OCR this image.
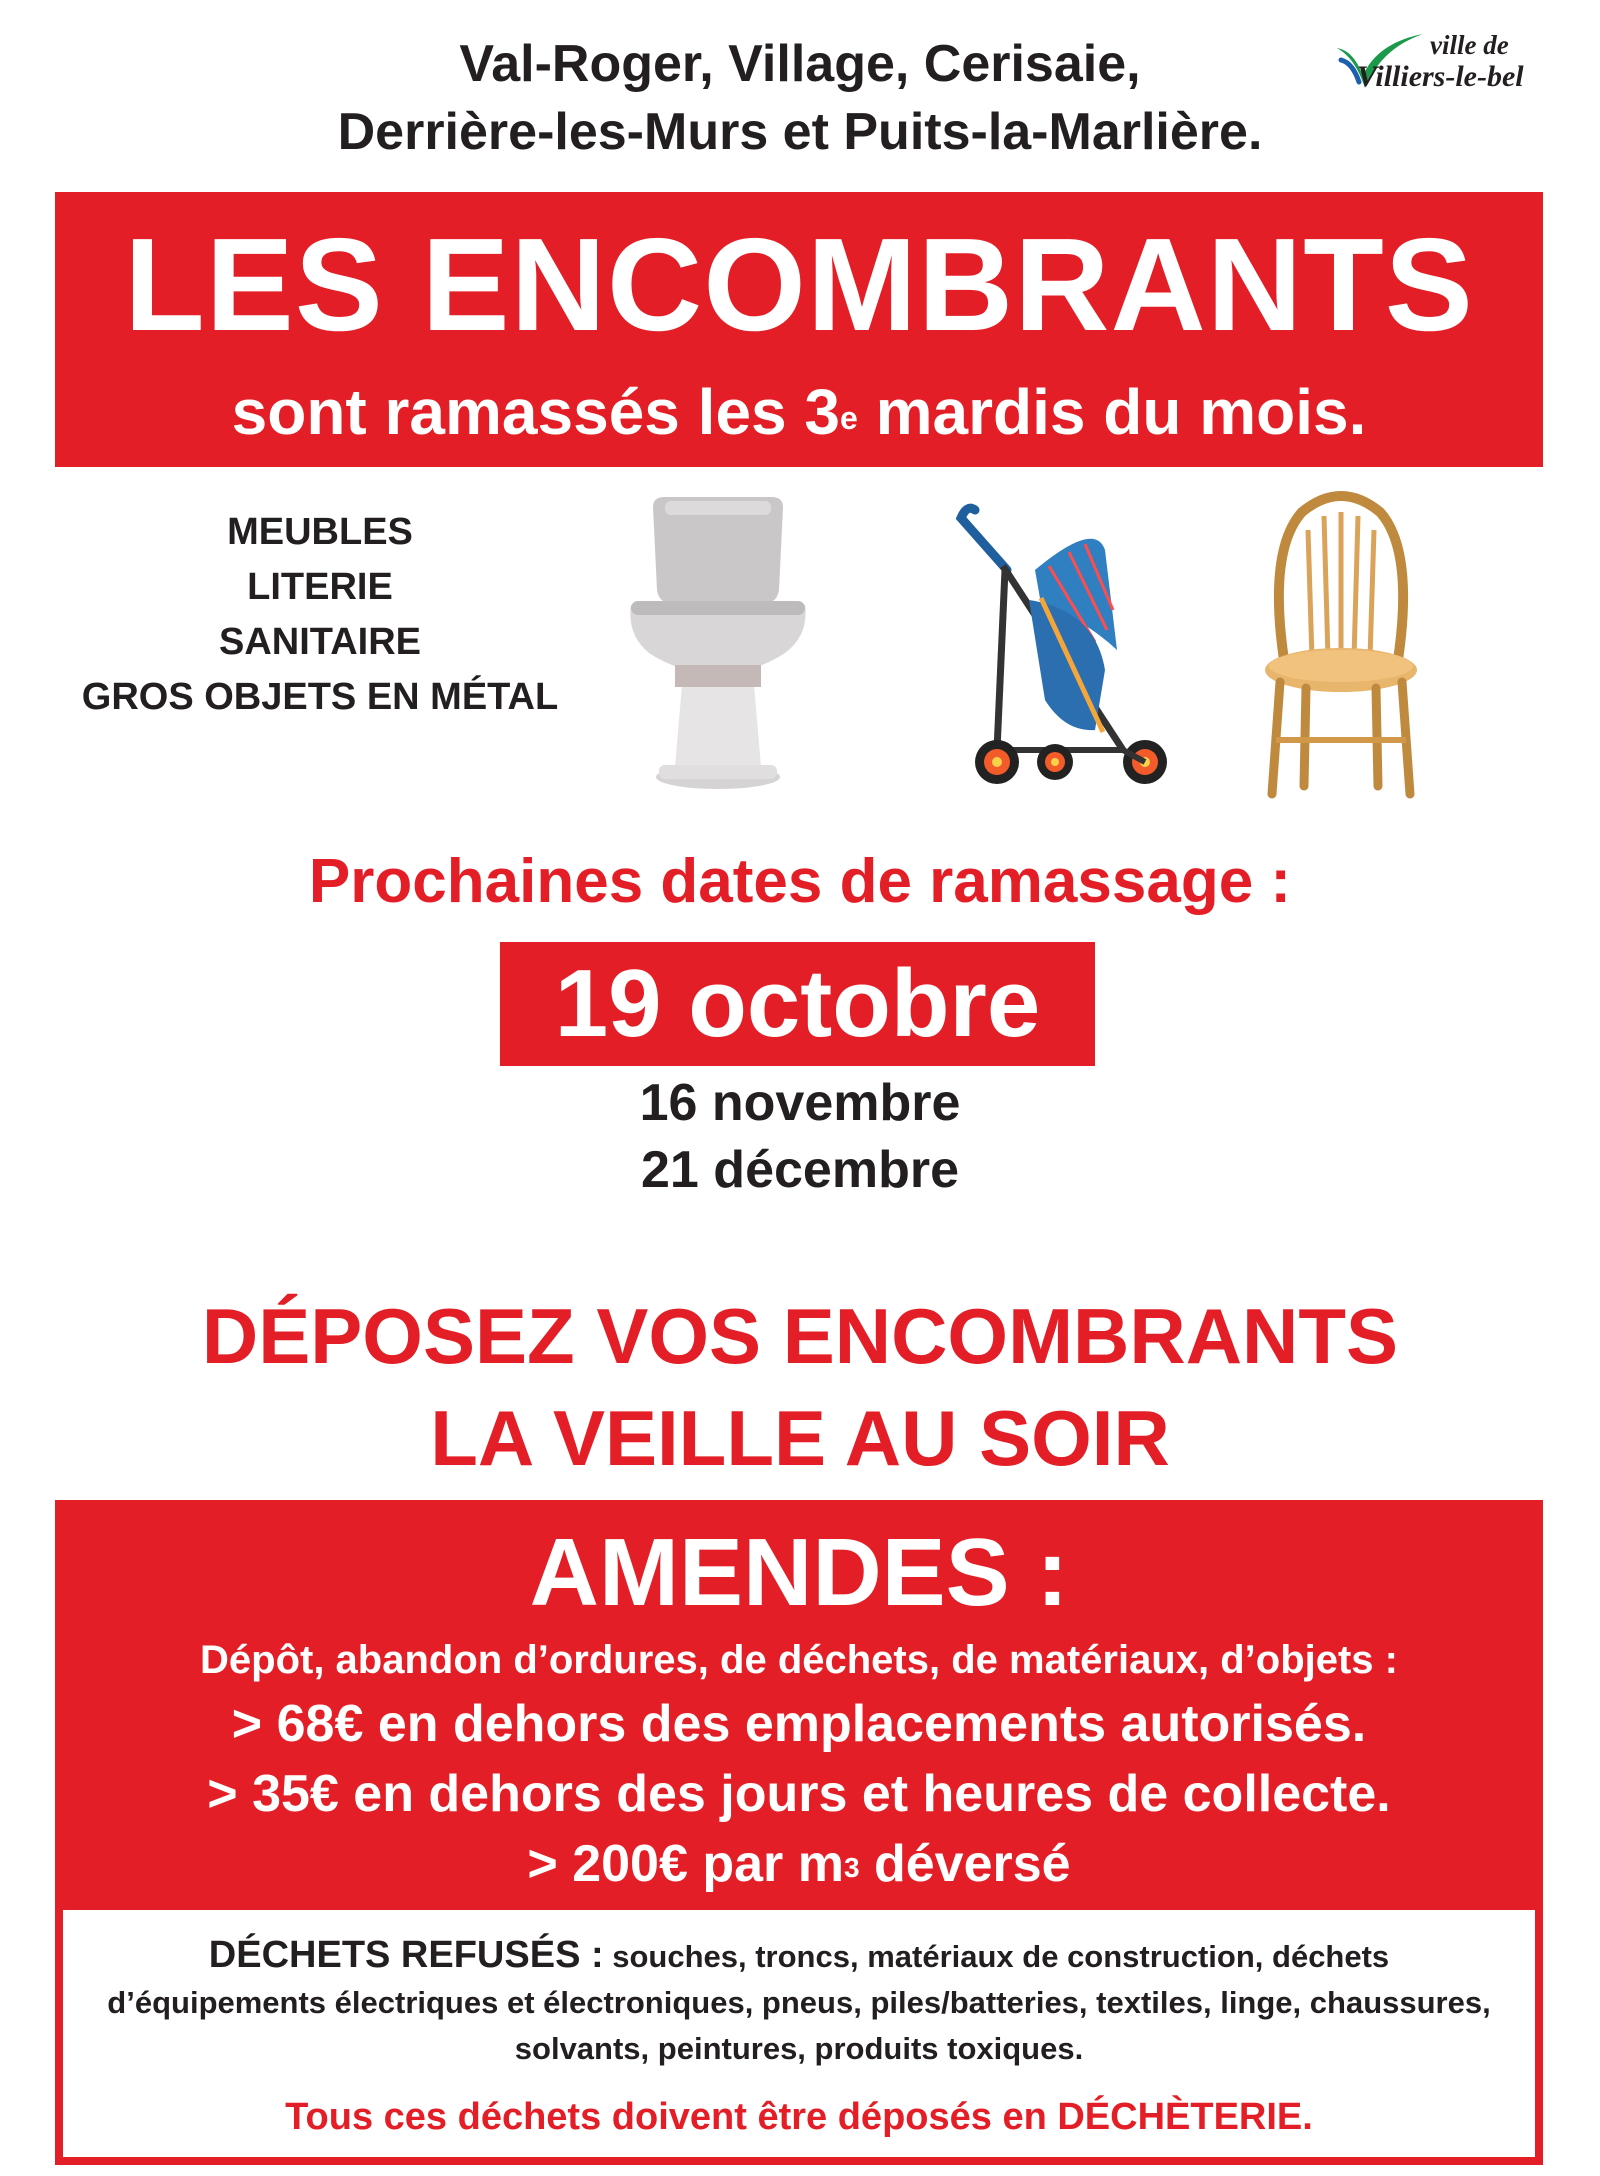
Val-Roger, Village, Cerisaie,
Derrière-les-Murs et Puits-la-Marlière.
ville de
Villiers-le-bel
LES ENCOMBRANTS
sont ramassés les 3e mardis du mois.
MEUBLES
LITERIE
SANITAIRE
GROS OBJETS EN MÉTAL
Prochaines dates de ramassage :
19 octobre
16 novembre
21 décembre
DÉPOSEZ VOS ENCOMBRANTS
LA VEILLE AU SOIR
AMENDES :
Dépôt, abandon d’ordures, de déchets, de matériaux, d’objets :
> 68€ en dehors des emplacements autorisés.
> 35€ en dehors des jours et heures de collecte.
> 200€ par $m^3$ déversé
DÉCHETS REFUSÉS : souches, troncs, matériaux de construction, déchets d’équipements électriques et électroniques, pneus, piles/batteries, textiles, linge, chaussures, solvants, peintures, produits toxiques.
Tous ces déchets doivent être déposés en DÉCHÈTERIE.
